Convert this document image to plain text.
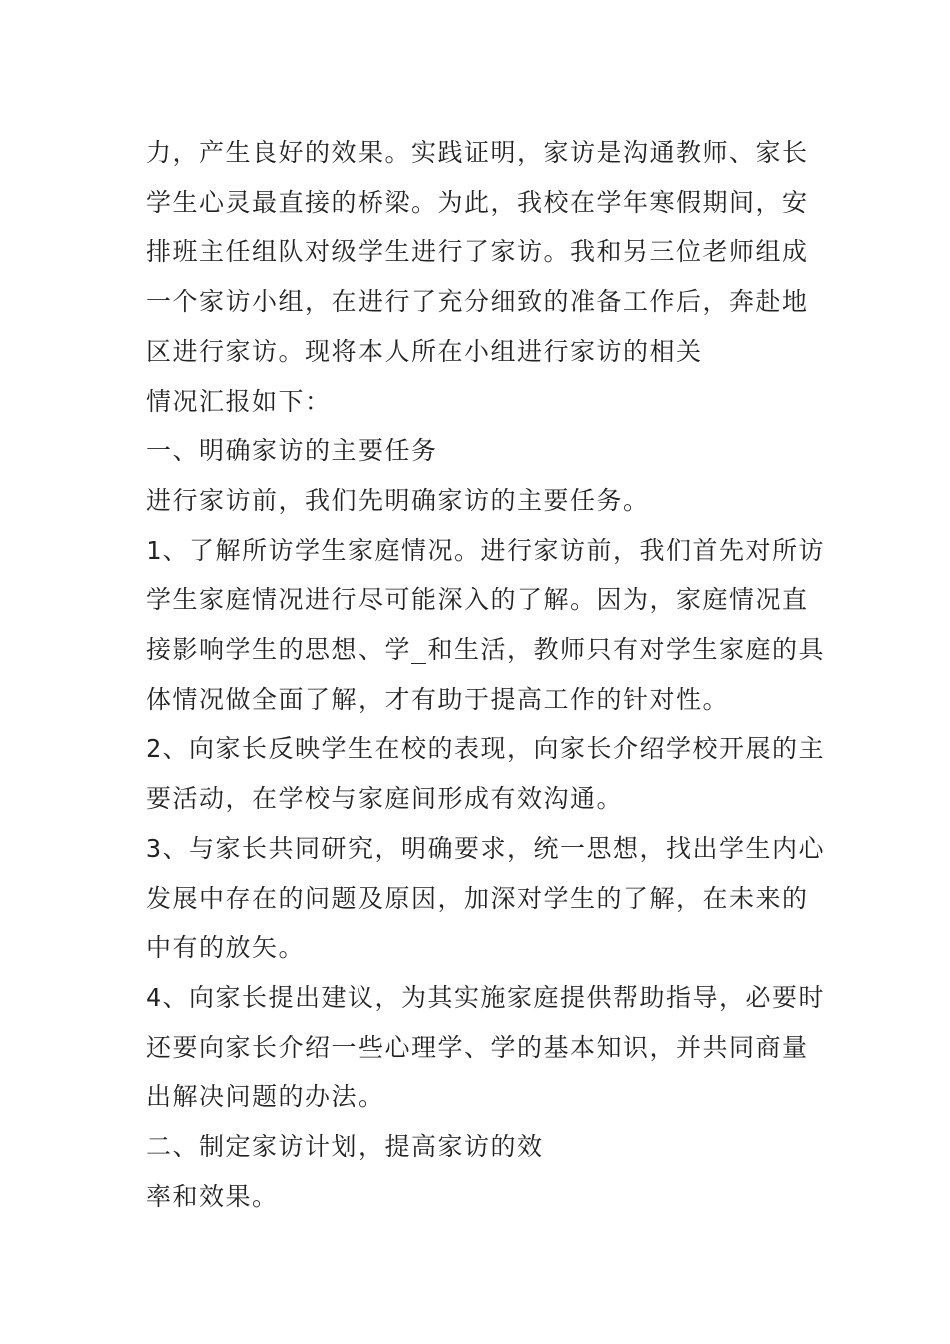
力，产生良好的效果。实践证明，家访是沟通教师、家长
学生心灵最直接的桥梁。为此，我校在学年寒假期间，安
排班主任组队对级学生进行了家访。我和另三位老师组成
一个家访小组，在进行了充分细致的准备工作后，奔赴地
区进行家访。现将本人所在小组进行家访的相关
情况汇报如下：
一、明确家访的主要任务
进行家访前，我们先明确家访的主要任务。
1、了解所访学生家庭情况。进行家访前，我们首先对所访
学生家庭情况进行尽可能深入的了解。因为，家庭情况直
接影响学生的思想、学_和生活，教师只有对学生家庭的具
体情况做全面了解，才有助于提高工作的针对性。
2、向家长反映学生在校的表现，向家长介绍学校开展的主
要活动，在学校与家庭间形成有效沟通。
3、与家长共同研究，明确要求，统一思想，找出学生内心
发展中存在的问题及原因，加深对学生的了解，在未来的
中有的放矢。
4、向家长提出建议，为其实施家庭提供帮助指导，必要时
还要向家长介绍一些心理学、学的基本知识，并共同商量
出解决问题的办法。
二、制定家访计划，提高家访的效
率和效果。
